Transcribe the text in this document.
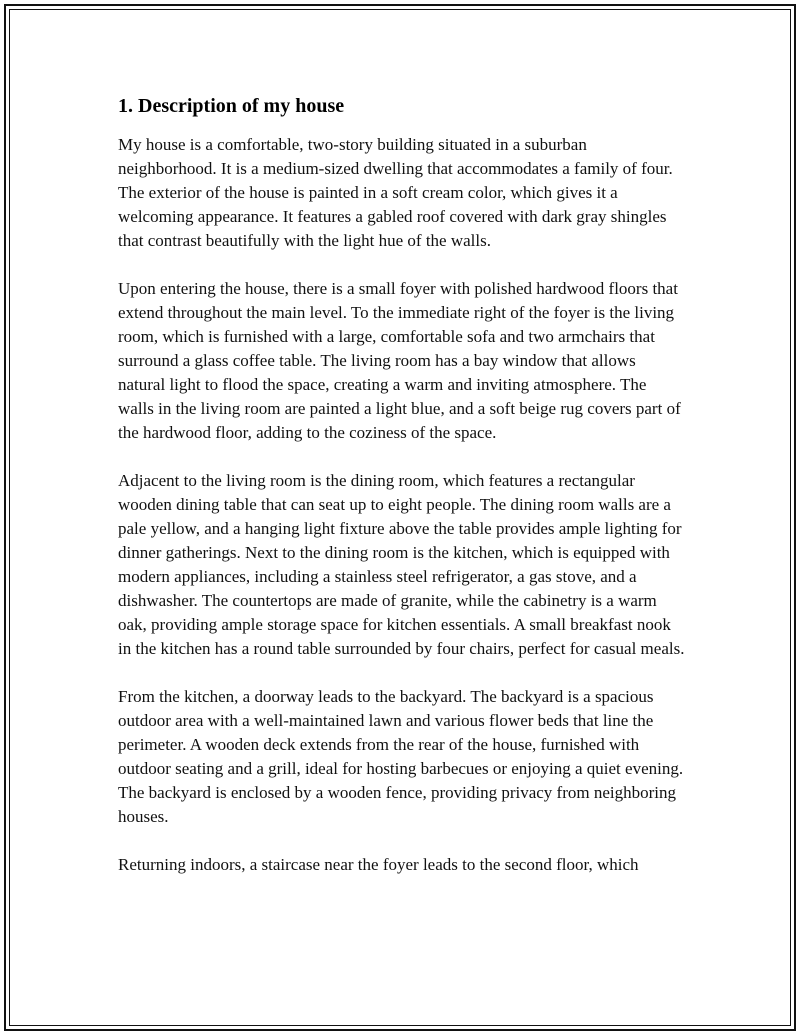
1. Description of my house

My house is a comfortable, two-story building situated in a suburban neighborhood. It is a medium-sized dwelling that accommodates a family of four. The exterior of the house is painted in a soft cream color, which gives it a welcoming appearance. It features a gabled roof covered with dark gray shingles that contrast beautifully with the light hue of the walls.

Upon entering the house, there is a small foyer with polished hardwood floors that extend throughout the main level. To the immediate right of the foyer is the living room, which is furnished with a large, comfortable sofa and two armchairs that surround a glass coffee table. The living room has a bay window that allows natural light to flood the space, creating a warm and inviting atmosphere. The walls in the living room are painted a light blue, and a soft beige rug covers part of the hardwood floor, adding to the coziness of the space.

Adjacent to the living room is the dining room, which features a rectangular wooden dining table that can seat up to eight people. The dining room walls are a pale yellow, and a hanging light fixture above the table provides ample lighting for dinner gatherings. Next to the dining room is the kitchen, which is equipped with modern appliances, including a stainless steel refrigerator, a gas stove, and a dishwasher. The countertops are made of granite, while the cabinetry is a warm oak, providing ample storage space for kitchen essentials. A small breakfast nook in the kitchen has a round table surrounded by four chairs, perfect for casual meals.

From the kitchen, a doorway leads to the backyard. The backyard is a spacious outdoor area with a well-maintained lawn and various flower beds that line the perimeter. A wooden deck extends from the rear of the house, furnished with outdoor seating and a grill, ideal for hosting barbecues or enjoying a quiet evening. The backyard is enclosed by a wooden fence, providing privacy from neighboring houses.

Returning indoors, a staircase near the foyer leads to the second floor, which
